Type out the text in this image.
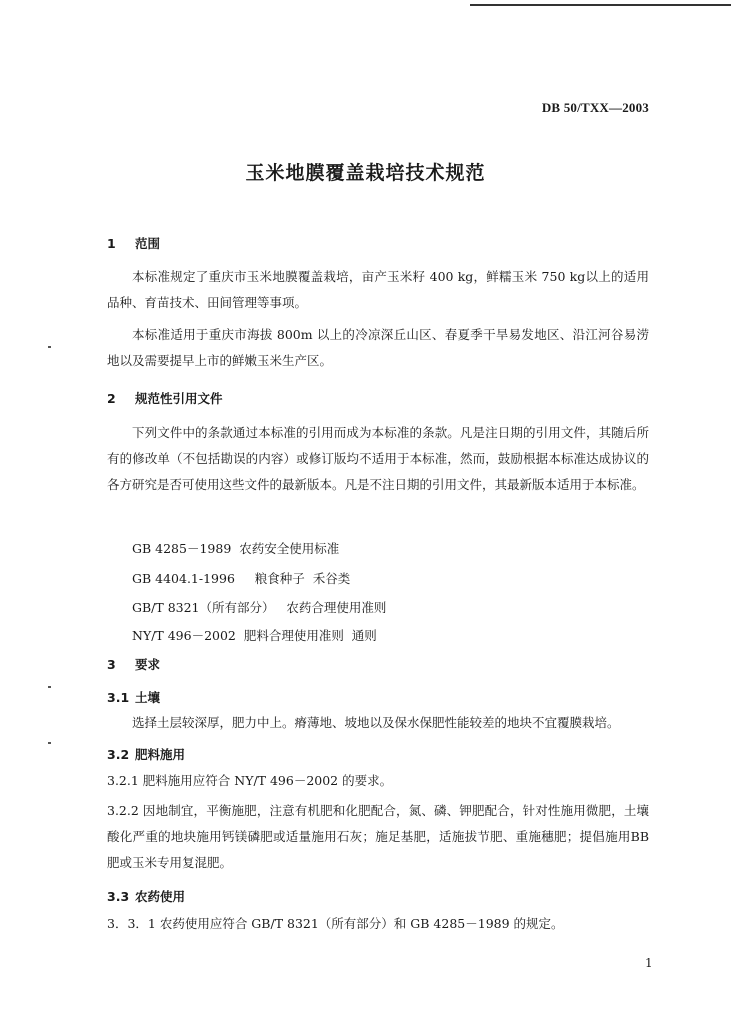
DB 50/TXX—2003
玉米地膜覆盖栽培技术规范
1 范围
本标准规定了重庆市玉米地膜覆盖栽培，亩产玉米籽 400 kg，鲜糯玉米 750 kg以上的适用品种、育苗技术、田间管理等事项。
本标准适用于重庆市海拔 800m 以上的冷凉深丘山区、春夏季干旱易发地区、沿江河谷易涝地以及需要提早上市的鲜嫩玉米生产区。
2 规范性引用文件
下列文件中的条款通过本标准的引用而成为本标准的条款。凡是注日期的引用文件，其随后所有的修改单（不包括勘误的内容）或修订版均不适用于本标准，然而，鼓励根据本标准达成协议的各方研究是否可使用这些文件的最新版本。凡是不注日期的引用文件，其最新版本适用于本标准。
GB 4285－1989  农药安全使用标准
GB 4404.1-1996     粮食种子  禾谷类
GB/T 8321（所有部分）   农药合理使用准则
NY/T 496－2002  肥料合理使用准则  通则
3 要求
3.1 土壤
选择土层较深厚，肥力中上。瘠薄地、坡地以及保水保肥性能较差的地块不宜覆膜栽培。
3.2 肥料施用
3.2.1 肥料施用应符合 NY/T 496－2002 的要求。
3.2.2 因地制宜，平衡施肥，注意有机肥和化肥配合，氮、磷、钾肥配合，针对性施用微肥，土壤酸化严重的地块施用钙镁磷肥或适量施用石灰；施足基肥，适施拔节肥、重施穗肥；提倡施用BB 肥或玉米专用复混肥。
3.3 农药使用
3．3．1 农药使用应符合 GB/T 8321（所有部分）和 GB 4285－1989 的规定。
1
